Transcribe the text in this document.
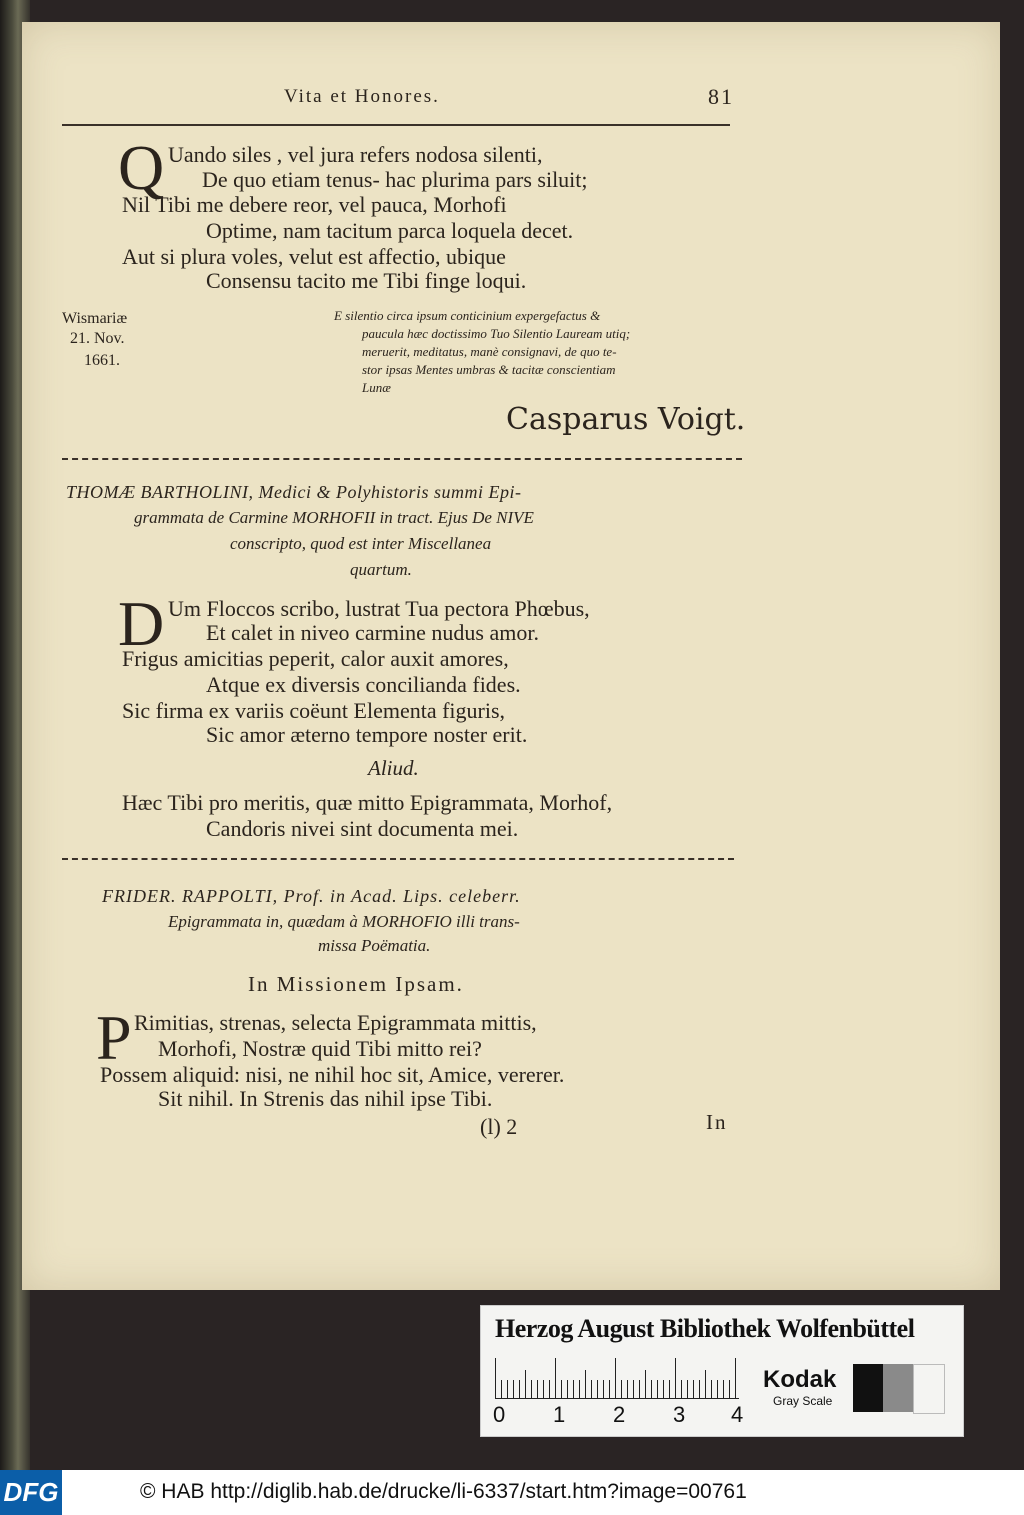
Vita et Honores.	81
Q Uando siles , vel jura refers nodosa silenti,
De quo etiam tenus- hac plurima pars siluit;
Nil Tibi me debere reor, vel pauca, Morhofi
Optime, nam tacitum parca loquela decet.
Aut si plura voles, velut est affectio, ubique
Consensu tacito me Tibi finge loqui.
Wismariæ
21. Nov.
1661.
E silentio circa ipsum conticinium expergefactus &
paucula hæc doctissimo Tuo Silentio Lauream utiq;
meruerit, meditatus, manè consignavi, de quo te-
stor ipsas Mentes umbras & tacitæ conscientiam
Lunæ
Casparus Voigt.
THOMÆ BARTHOLINI, Medici & Polyhistoris summi Epi-
grammata de Carmine MORHOFII in tract. Ejus De NIVE
conscripto, quod est inter Miscellanea
quartum.
D Um Floccos scribo, lustrat Tua pectora Phœbus,
Et calet in niveo carmine nudus amor.
Frigus amicitias peperit, calor auxit amores,
Atque ex diversis concilianda fides.
Sic firma ex variis coëunt Elementa figuris,
Sic amor æterno tempore noster erit.
Aliud.
Hæc Tibi pro meritis, quæ mitto Epigrammata, Morhof,
Candoris nivei sint documenta mei.
FRIDER. RAPPOLTI, Prof. in Acad. Lips. celeberr.
Epigrammata in, quædam à MORHOFIO illi trans-
missa Poëmatia.
In Missionem Ipsam.
P Rimitias, strenas, selecta Epigrammata mittis,
Morhofi, Nostræ quid Tibi mitto rei?
Possem aliquid: nisi, ne nihil hoc sit, Amice, vererer.
Sit nihil. In Strenis das nihil ipse Tibi.
(l) 2	In
Herzog August Bibliothek Wolfenbüttel
0 1 2 3 4
Kodak
Gray Scale
DFG	© HAB http://diglib.hab.de/drucke/li-6337/start.htm?image=00761
